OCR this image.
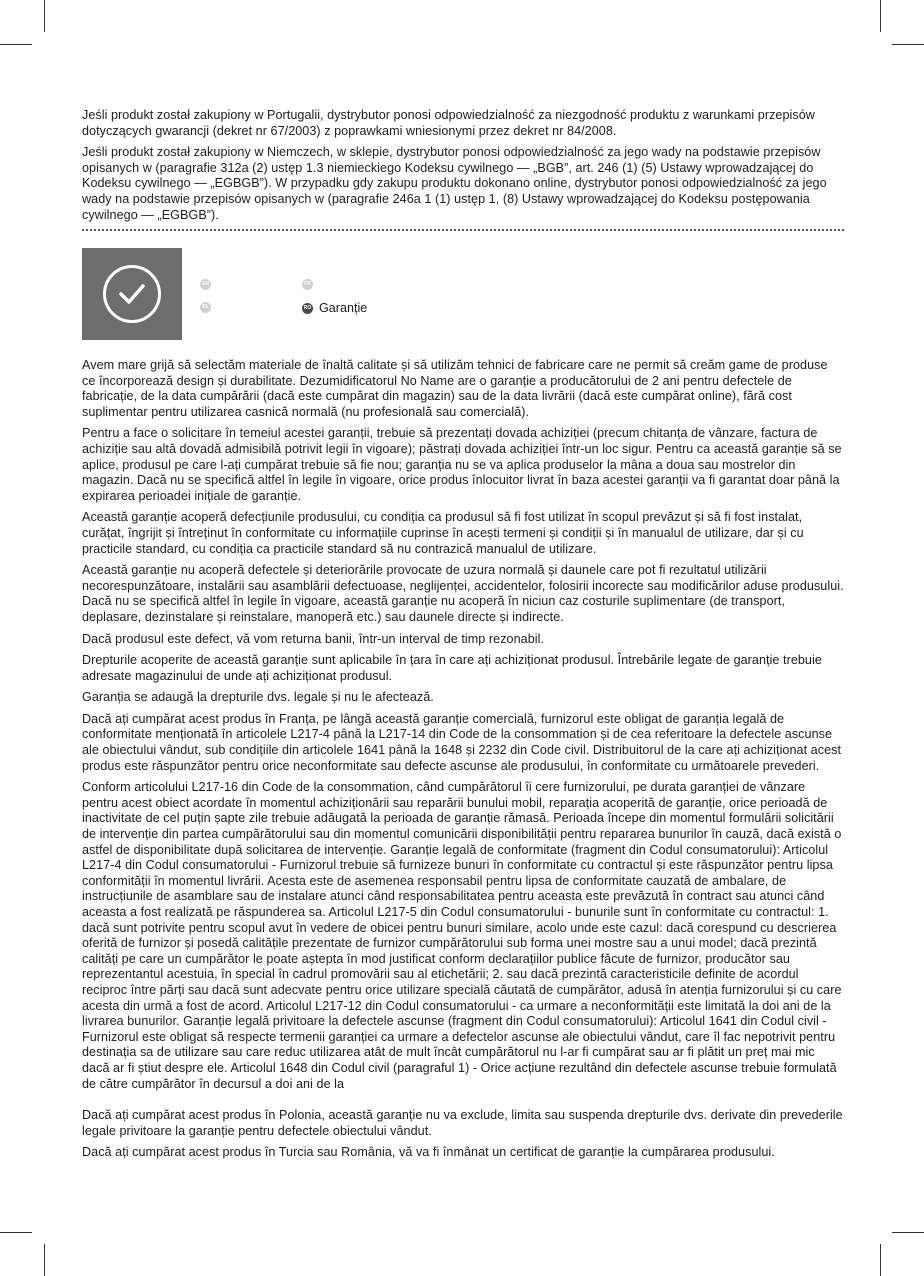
Jeśli produkt został zakupiony w Portugalii, dystrybutor ponosi odpowiedzialność za niezgodność produktu z warunkami przepisów dotyczących gwarancji (dekret nr 67/2003) z poprawkami wniesionymi przez dekret nr 84/2008.

Jeśli produkt został zakupiony w Niemczech, w sklepie, dystrybutor ponosi odpowiedzialność za jego wady na podstawie przepisów opisanych w (paragrafie 312a (2) ustęp 1.3 niemieckiego Kodeksu cywilnego — „BGB”, art. 246 (1) (5) Ustawy wprowadzającej do Kodeksu cywilnego — „EGBGB”). W przypadku gdy zakupu produktu dokonano online, dystrybutor ponosi odpowiedzialność za jego wady na podstawie przepisów opisanych w (paragrafie 246a 1 (1) ustęp 1, (8) Ustawy wprowadzającej do Kodeksu postępowania cywilnego — „EGBGB”).

EN	FR
PL	RO Garanție

Avem mare grijă să selectăm materiale de înaltă calitate și să utilizăm tehnici de fabricare care ne permit să creăm game de produse ce încorporează design și durabilitate. Dezumidificatorul No Name are o garanție a producătorului de 2 ani pentru defectele de fabricație, de la data cumpărării (dacă este cumpărat din magazin) sau de la data livrării (dacă este cumpărat online), fără cost suplimentar pentru utilizarea casnică normală (nu profesională sau comercială).

Pentru a face o solicitare în temeiul acestei garanții, trebuie să prezentați dovada achiziției (precum chitanța de vânzare, factura de achiziție sau altă dovadă admisibilă potrivit legii în vigoare); păstrați dovada achiziției într-un loc sigur. Pentru ca această garanție să se aplice, produsul pe care l-ați cumpărat trebuie să fie nou; garanția nu se va aplica produselor la mâna a doua sau mostrelor din magazin. Dacă nu se specifică altfel în legile în vigoare, orice produs înlocuitor livrat în baza acestei garanții va fi garantat doar până la expirarea perioadei inițiale de garanție.

Această garanție acoperă defecțiunile produsului, cu condiția ca produsul să fi fost utilizat în scopul prevăzut și să fi fost instalat, curățat, îngrijit și întreținut în conformitate cu informațiile cuprinse în acești termeni și condiții și în manualul de utilizare, dar și cu practicile standard, cu condiția ca practicile standard să nu contrazică manualul de utilizare.

Această garanție nu acoperă defectele și deteriorările provocate de uzura normală și daunele care pot fi rezultatul utilizării necorespunzătoare, instalării sau asamblării defectuoase, neglijenței, accidentelor, folosirii incorecte sau modificărilor aduse produsului. Dacă nu se specifică altfel în legile în vigoare, această garanție nu acoperă în niciun caz costurile suplimentare (de transport, deplasare, dezinstalare și reinstalare, manoperă etc.) sau daunele directe și indirecte.

Dacă produsul este defect, vă vom returna banii, într-un interval de timp rezonabil.

Drepturile acoperite de această garanție sunt aplicabile în țara în care ați achiziționat produsul. Întrebările legate de garanție trebuie adresate magazinului de unde ați achiziționat produsul.

Garanția se adaugă la drepturile dvs. legale și nu le afectează.

Dacă ați cumpărat acest produs în Franța, pe lângă această garanție comercială, furnizorul este obligat de garanția legală de conformitate menționată în articolele L217-4 până la L217-14 din Code de la consommation și de cea referitoare la defectele ascunse ale obiectului vândut, sub condițiile din articolele 1641 până la 1648 și 2232 din Code civil. Distribuitorul de la care ați achiziționat acest produs este răspunzător pentru orice neconformitate sau defecte ascunse ale produsului, în conformitate cu următoarele prevederi.

Conform articolului L217-16 din Code de la consommation, când cumpărătorul îi cere furnizorului, pe durata garanției de vânzare pentru acest obiect acordate în momentul achiziționării sau reparării bunului mobil, reparația acoperită de garanție, orice perioadă de inactivitate de cel puțin șapte zile trebuie adăugată la perioada de garanție rămasă. Perioada începe din momentul formulării solicitării de intervenție din partea cumpărătorului sau din momentul comunicării disponibilității pentru repararea bunurilor în cauză, dacă există o astfel de disponibilitate după solicitarea de intervenție. Garanție legală de conformitate (fragment din Codul consumatorului): Articolul L217-4 din Codul consumatorului - Furnizorul trebuie să furnizeze bunuri în conformitate cu contractul și este răspunzător pentru lipsa conformității în momentul livrării. Acesta este de asemenea responsabil pentru lipsa de conformitate cauzată de ambalare, de instrucțiunile de asamblare sau de instalare atunci când responsabilitatea pentru aceasta este prevăzută în contract sau atunci când aceasta a fost realizată pe răspunderea sa. Articolul L217-5 din Codul consumatorului - bunurile sunt în conformitate cu contractul: 1. dacă sunt potrivite pentru scopul avut în vedere de obicei pentru bunuri similare, acolo unde este cazul: dacă corespund cu descrierea oferită de furnizor și posedă calitățile prezentate de furnizor cumpărătorului sub forma unei mostre sau a unui model; dacă prezintă calități pe care un cumpărător le poate aștepta în mod justificat conform declarațiilor publice făcute de furnizor, producător sau reprezentantul acestuia, în special în cadrul promovării sau al etichetării; 2. sau dacă prezintă caracteristicile definite de acordul reciproc între părți sau dacă sunt adecvate pentru orice utilizare specială căutată de cumpărător, adusă în atenția furnizorului și cu care acesta din urmă a fost de acord. Articolul L217-12 din Codul consumatorului - ca urmare a neconformității este limitată la doi ani de la livrarea bunurilor. Garanție legală privitoare la defectele ascunse (fragment din Codul consumatorului): Articolul 1641 din Codul civil - Furnizorul este obligat să respecte termenii garanției ca urmare a defectelor ascunse ale obiectului vândut, care îl fac nepotrivit pentru destinația sa de utilizare sau care reduc utilizarea atât de mult încât cumpărătorul nu l-ar fi cumpărat sau ar fi plătit un preț mai mic dacă ar fi știut despre ele. Articolul 1648 din Codul civil (paragraful 1) - Orice acțiune rezultând din defectele ascunse trebuie formulată de către cumpărător în decursul a doi ani de la

Dacă ați cumpărat acest produs în Polonia, această garanție nu va exclude, limita sau suspenda drepturile dvs. derivate din prevederile legale privitoare la garanție pentru defectele obiectului vândut.

Dacă ați cumpărat acest produs în Turcia sau România, vă va fi înmânat un certificat de garanție la cumpărarea produsului.
